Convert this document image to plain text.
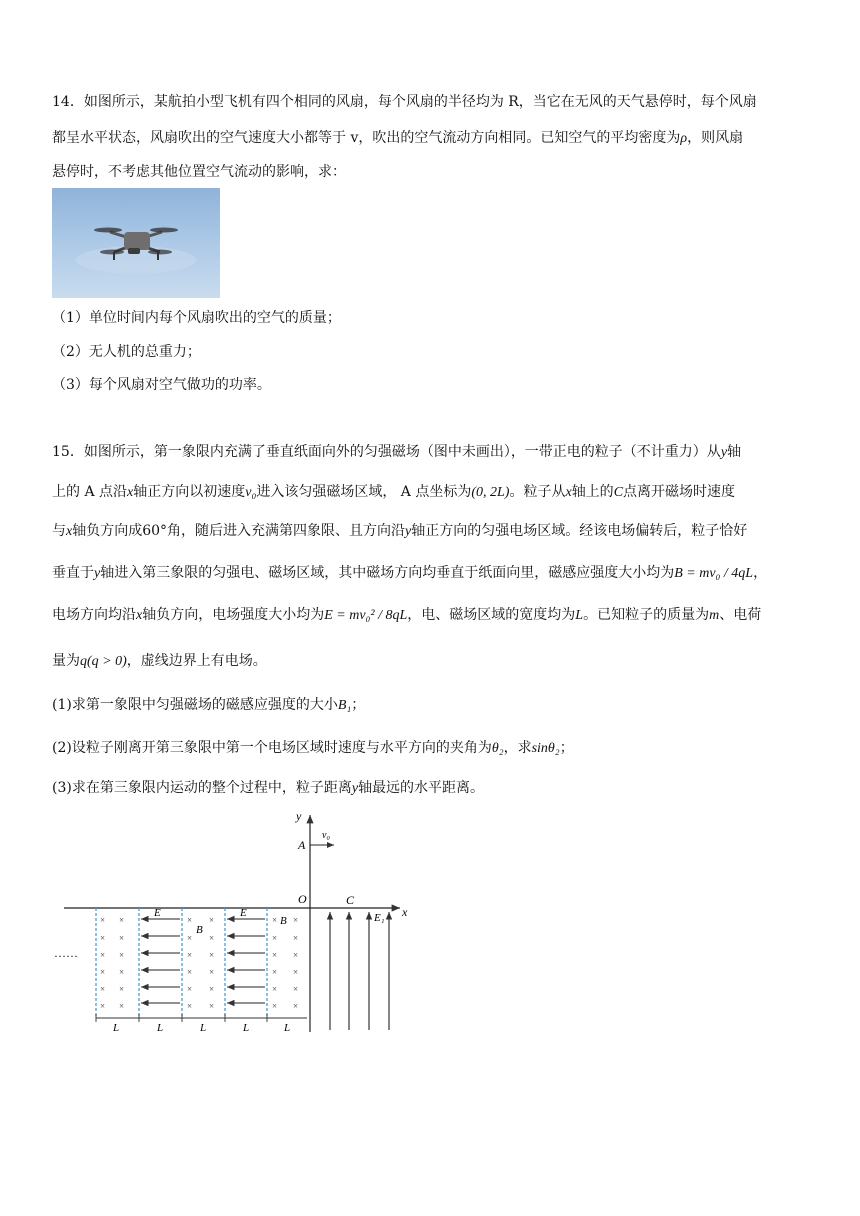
14．如图所示，某航拍小型飞机有四个相同的风扇，每个风扇的半径均为 R，当它在无风的天气悬停时，每个风扇
都呈水平状态，风扇吹出的空气速度大小都等于 v，吹出的空气流动方向相同。已知空气的平均密度为ρ，则风扇
悬停时，不考虑其他位置空气流动的影响，求：
（1）单位时间内每个风扇吹出的空气的质量；
（2）无人机的总重力；
（3）每个风扇对空气做功的功率。
15．如图所示，第一象限内充满了垂直纸面向外的匀强磁场（图中未画出），一带正电的粒子（不计重力）从y轴
上的 A 点沿x轴正方向以初速度v₀进入该匀强磁场区域， A 点坐标为(0, 2L)。粒子从x轴上的C点离开磁场时速度
与x轴负方向成60°角，随后进入充满第四象限、且方向沿y轴正方向的匀强电场区域。经该电场偏转后，粒子恰好
垂直于y轴进入第三象限的匀强电、磁场区域，其中磁场方向均垂直于纸面向里，磁感应强度大小均为B = mv₀ / 4qL，
电场方向均沿x轴负方向，电场强度大小均为E = mv₀² / 8qL，电、磁场区域的宽度均为L。已知粒子的质量为m、电荷
量为q(q > 0)，虚线边界上有电场。
(1)求第一象限中匀强磁场的磁感应强度的大小B₁；
(2)设粒子刚离开第三象限中第一个电场区域时速度与水平方向的夹角为θ₂，求sinθ₂；
(3)求在第三象限内运动的整个过程中，粒子距离y轴最远的水平距离。
y
x
O
A
v₀
C
E₁
× ×
× ×
× ×
× ×
× ×
× ×
× ×
× ×
× ×
× ×
× ×
× ×
× ×
× ×
× ×
× ×
× ×
× ×
B
B
E	E
……
L	L	L	L	L
